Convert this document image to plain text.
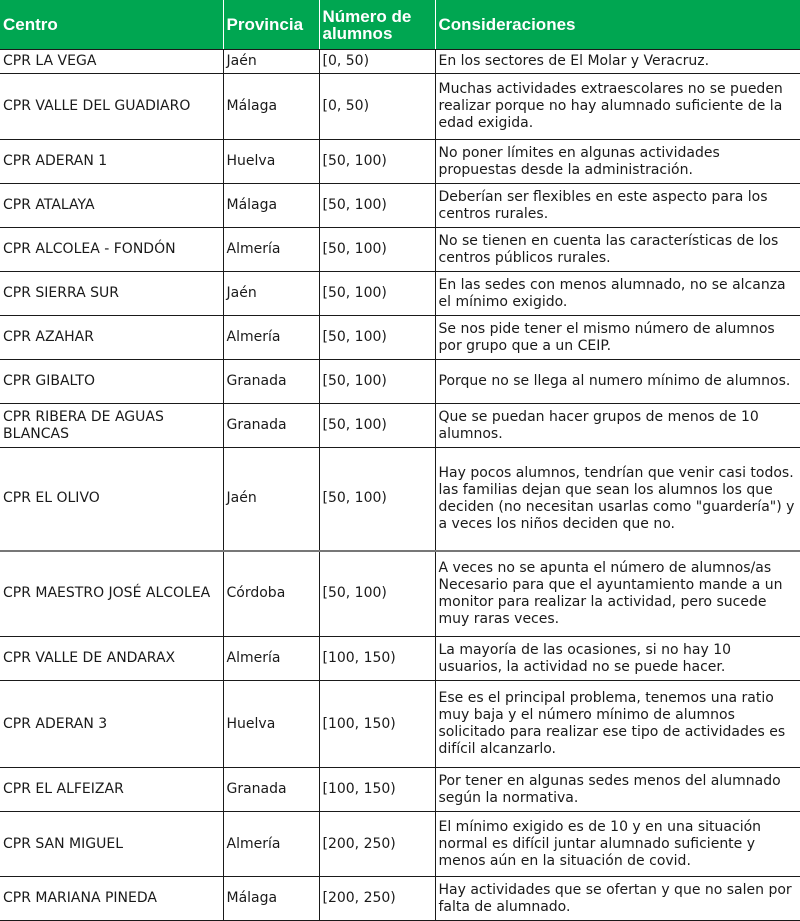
Centro	Provincia	Número de alumnos	Consideraciones
CPR LA VEGA	Jaén	[0, 50)	En los sectores de El Molar y Veracruz.
CPR VALLE DEL GUADIARO	Málaga	[0, 50)	Muchas actividades extraescolares no se pueden realizar porque no hay alumnado suficiente de la edad exigida.
CPR ADERAN 1	Huelva	[50, 100)	No poner límites en algunas actividades propuestas desde la administración.
CPR ATALAYA	Málaga	[50, 100)	Deberían ser flexibles en este aspecto para los centros rurales.
CPR ALCOLEA - FONDÓN	Almería	[50, 100)	No se tienen en cuenta las características de los centros públicos rurales.
CPR SIERRA SUR	Jaén	[50, 100)	En las sedes con menos alumnado, no se alcanza el mínimo exigido.
CPR AZAHAR	Almería	[50, 100)	Se nos pide tener el mismo número de alumnos por grupo que a un CEIP.
CPR GIBALTO	Granada	[50, 100)	Porque no se llega al numero mínimo de alumnos.
CPR RIBERA DE AGUAS BLANCAS	Granada	[50, 100)	Que se puedan hacer grupos de menos de 10 alumnos.
CPR EL OLIVO	Jaén	[50, 100)	Hay pocos alumnos, tendrían que venir casi todos. las familias dejan que sean los alumnos los que deciden (no necesitan usarlas como "guardería") y a veces los niños deciden que no.
CPR MAESTRO JOSÉ ALCOLEA	Córdoba	[50, 100)	A veces no se apunta el número de alumnos/as Necesario para que el ayuntamiento mande a un monitor para realizar la actividad, pero sucede muy raras veces.
CPR VALLE DE ANDARAX	Almería	[100, 150)	La mayoría de las ocasiones, si no hay 10 usuarios, la actividad no se puede hacer.
CPR ADERAN 3	Huelva	[100, 150)	Ese es el principal problema, tenemos una ratio muy baja y el número mínimo de alumnos solicitado para realizar ese tipo de actividades es difícil alcanzarlo.
CPR EL ALFEIZAR	Granada	[100, 150)	Por tener en algunas sedes menos del alumnado según la normativa.
CPR SAN MIGUEL	Almería	[200, 250)	El mínimo exigido es de 10 y en una situación normal es difícil juntar alumnado suficiente y menos aún en la situación de covid.
CPR MARIANA PINEDA	Málaga	[200, 250)	Hay actividades que se ofertan y que no salen por falta de alumnado.
